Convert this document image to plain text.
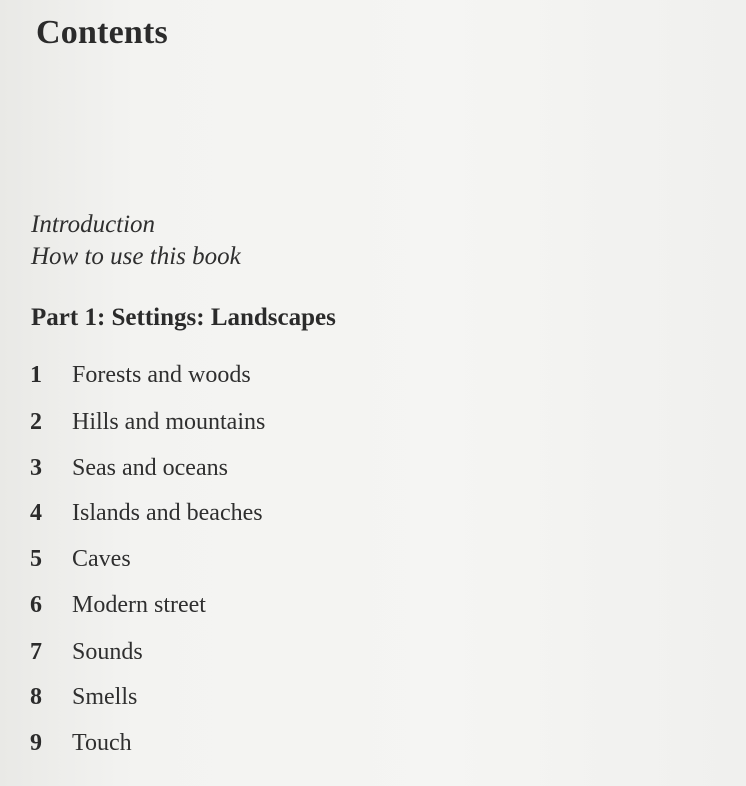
Contents
Introduction
How to use this book
Part 1: Settings: Landscapes
1 Forests and woods
2 Hills and mountains
3 Seas and oceans
4 Islands and beaches
5 Caves
6 Modern street
7 Sounds
8 Smells
9 Touch
